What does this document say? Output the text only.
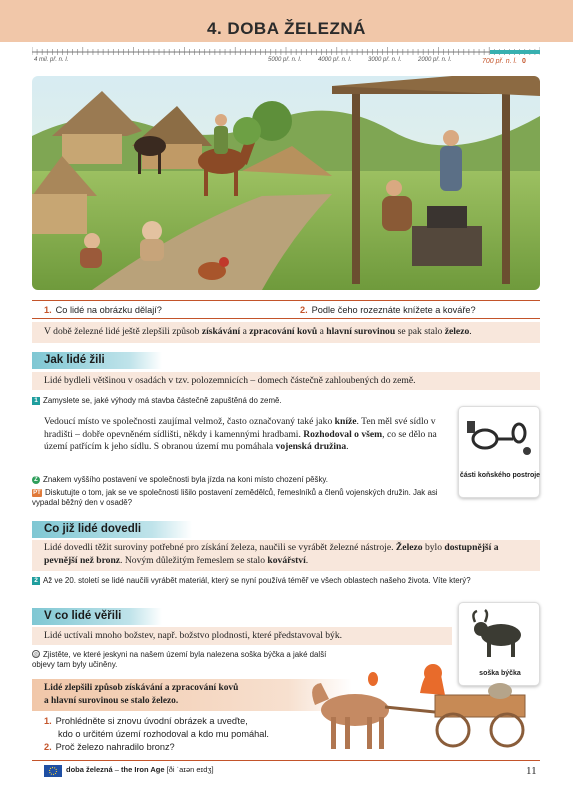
4. DOBA ŽELEZNÁ
4 mil. př. n. l.	5000 př. n. l.	4000 př. n. l.	3000 př. n. l.	2000 př. n. l.	700 př. n. l. 0
1. Co lidé na obrázku dělají?	2. Podle čeho rozeznáte knížete a kováře?
V době železné lidé ještě zlepšili způsob získávání a zpracování kovů a hlavní surovinou se pak stalo železo.
Jak lidé žili
Lidé bydleli většinou v osadách v tzv. polozemnicích – domech částečně zahloubených do země.
1 Zamyslete se, jaké výhody má stavba částečně zapuštěná do země.
Vedoucí místo ve společnosti zaujímal velmož, často označovaný také jako kníže. Ten měl své sídlo v hradišti – dobře opevněném sídlišti, někdy i kamennými hradbami. Rozhodoval o všem, co se dělo na území patřícím k jeho sídlu. S obranou území mu pomáhala vojenská družina.
Z Znakem vyššího postavení ve společnosti byla jízda na koni místo chození pěšky.
PT Diskutujte o tom, jak se ve společnosti lišilo postavení zemědělců, řemeslníků a členů vojenských družin. Jak asi vypadal běžný den v osadě?
části koňského postroje
Co již lidé dovedli
Lidé dovedli těžit suroviny potřebné pro získání železa, naučili se vyrábět železné nástroje. Železo bylo dostupnější a pevnější než bronz. Novým důležitým řemeslem se stalo kovářství.
2 Až ve 20. století se lidé naučili vyrábět materiál, který se nyní používá téměř ve všech oblastech našeho života. Víte který?
V co lidé věřili
Lidé uctívali mnoho božstev, např. božstvo plodnosti, které představoval býk.
◎ Zjistěte, ve které jeskyni na našem území byla nalezena soška býčka a jaké další objevy tam byly učiněny.
soška býčka
Lidé zlepšili způsob získávání a zpracování kovů
a hlavní surovinou se stalo železo.
1. Prohlédněte si znovu úvodní obrázek a uveďte,
kdo o určitém území rozhodoval a kdo mu pomáhal.
2. Proč železo nahradilo bronz?
doba železná – the Iron Age [ði ˈaɪən eɪdʒ]	11
